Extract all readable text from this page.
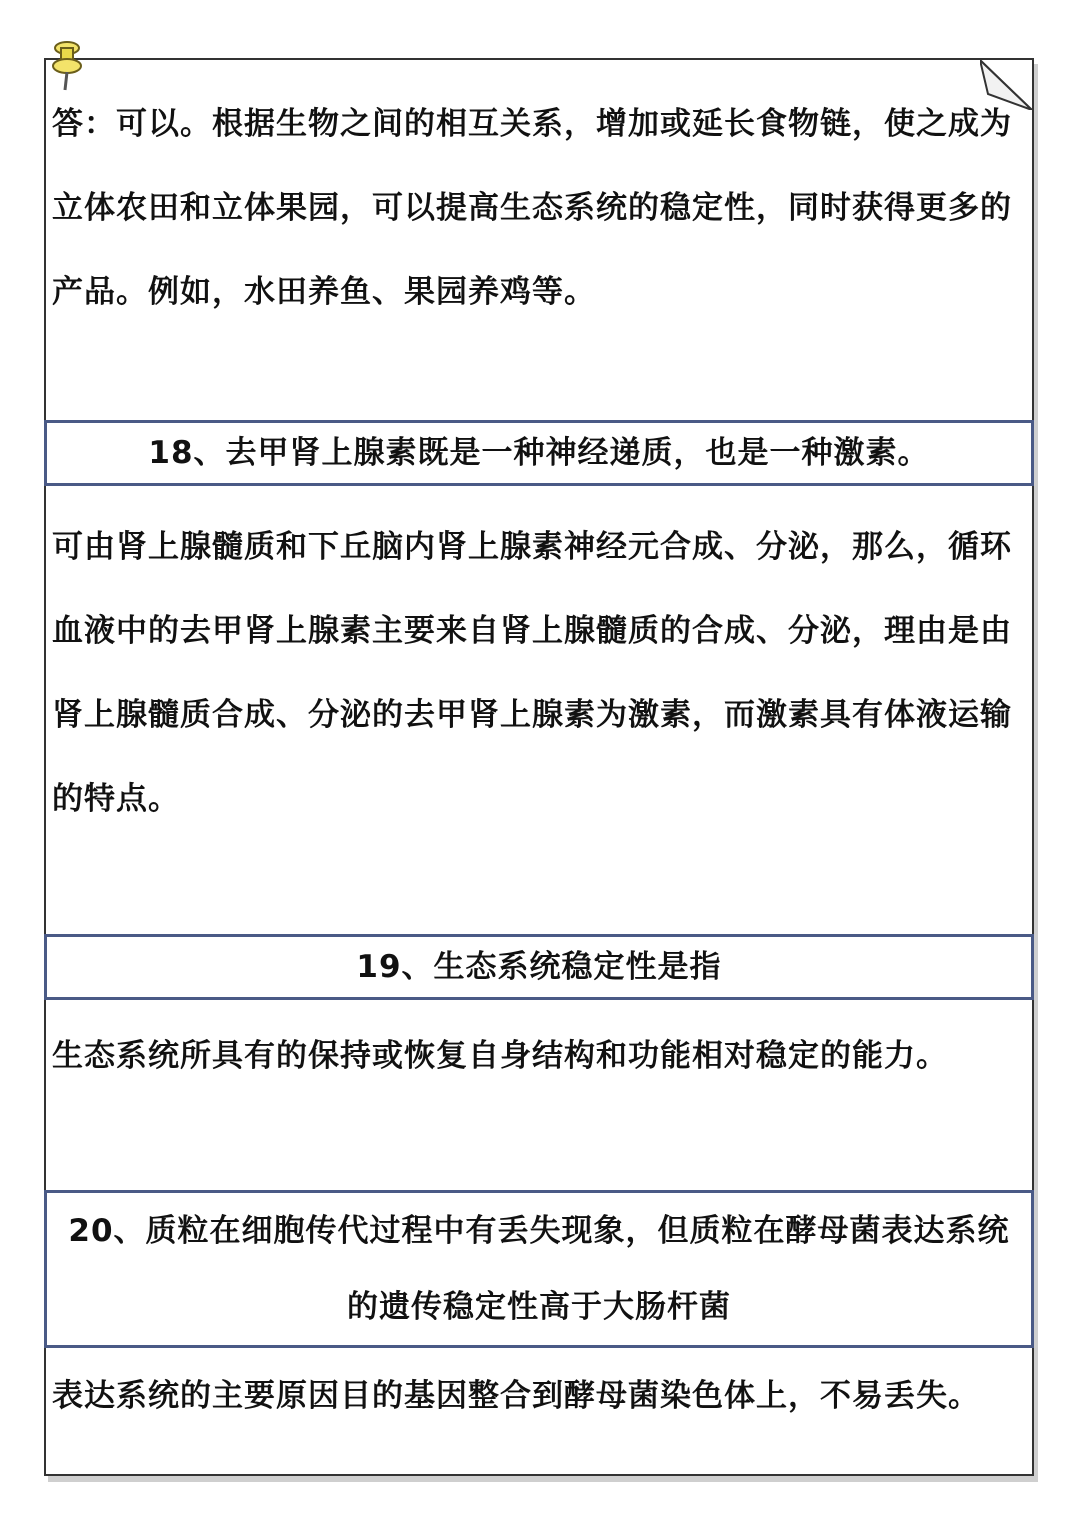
答：可以。根据生物之间的相互关系，增加或延长食物链，使之成为立体农田和立体果园，可以提高生态系统的稳定性，同时获得更多的产品。例如，水田养鱼、果园养鸡等。

18、去甲肾上腺素既是一种神经递质，也是一种激素。

可由肾上腺髓质和下丘脑内肾上腺素神经元合成、分泌，那么，循环血液中的去甲肾上腺素主要来自肾上腺髓质的合成、分泌，理由是由肾上腺髓质合成、分泌的去甲肾上腺素为激素，而激素具有体液运输的特点。

19、生态系统稳定性是指

生态系统所具有的保持或恢复自身结构和功能相对稳定的能力。

20、质粒在细胞传代过程中有丢失现象，但质粒在酵母菌表达系统的遗传稳定性高于大肠杆菌

表达系统的主要原因目的基因整合到酵母菌染色体上，不易丢失。
